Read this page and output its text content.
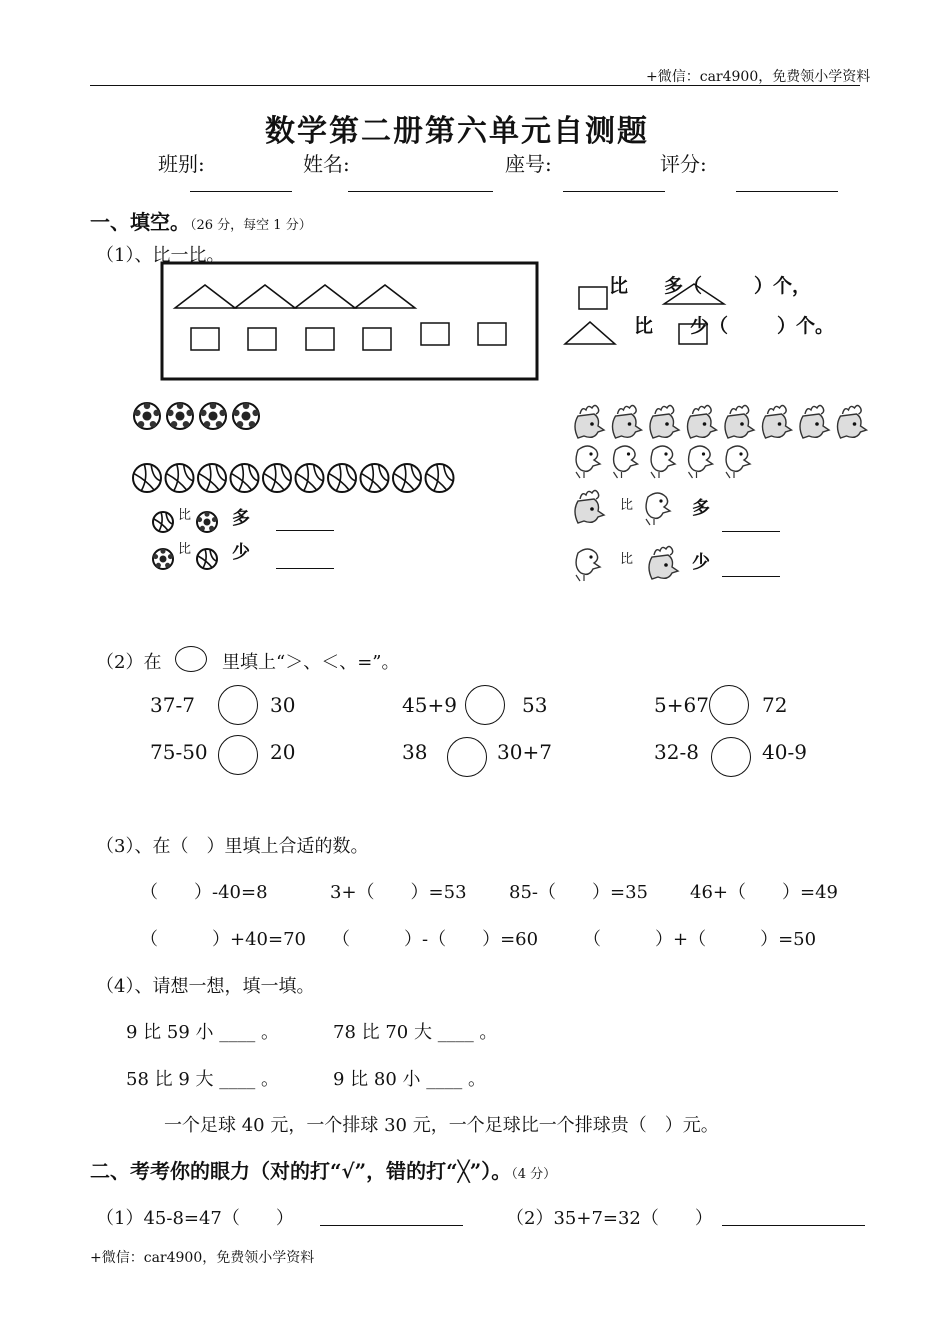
+微信：car4900，免费领小学资料
数学第二册第六单元自测题
班别:	姓名:	座号:	评分:
一、填空。（26 分，每空 1 分）
（1）、比一比。
比 多（	）个，
比 少（	）个。
比
比
多
少
比
比
多
少
（2）在	里填上“＞、＜、=”。
37-7	30	45+9	53	5+67	72
75-50	20	38	30+7	32-8	40-9
（3）、在（　）里填上合适的数。
（　　）-40=8	3+（　　）=53 85-（　　）=35 46+（　　）=49
（　　　）+40=70 （　　　）-（　　）=60 （　　　）+（　　　）=50
（4）、请想一想，填一填。
9 比 59 小 ____ 。	78 比 70 大 ____ 。
58 比 9 大 ____ 。	9 比 80 小 ____ 。
一个足球 40 元，一个排球 30 元，一个足球比一个排球贵（　）元。
二、考考你的眼力（对的打“√”，错的打“╳”）。（4 分）
（1）45-8=47（　　）	（2）35+7=32（　　）
+微信：car4900，免费领小学资料
